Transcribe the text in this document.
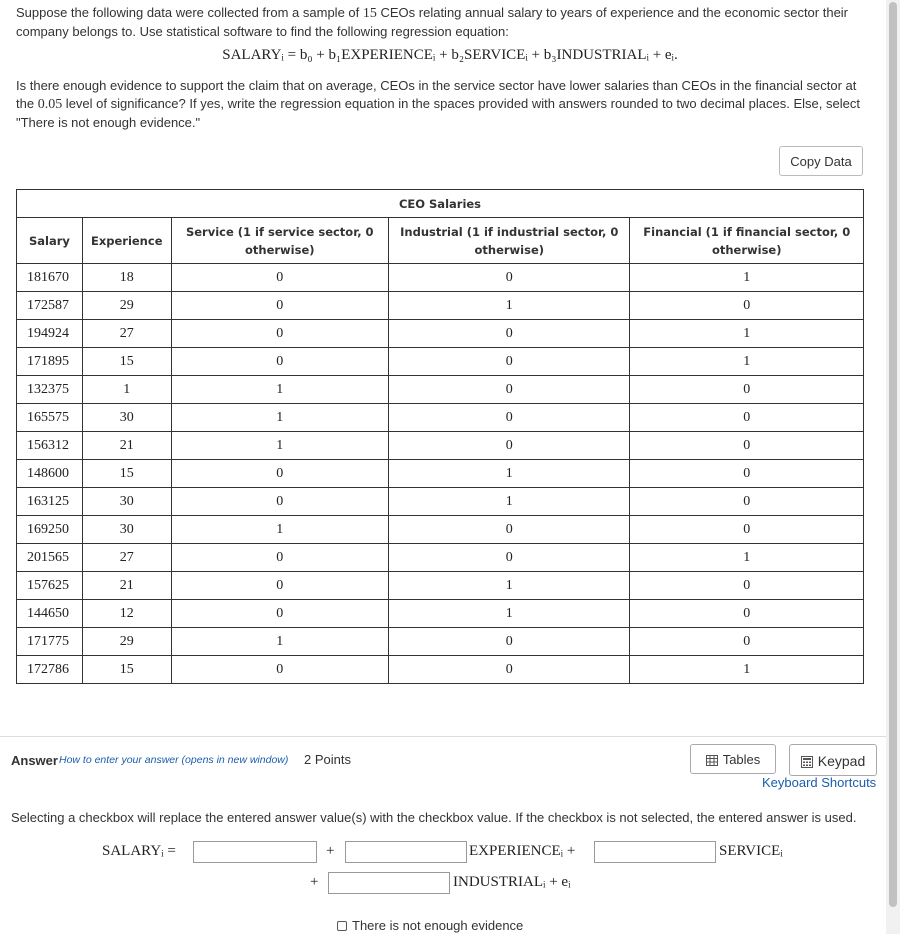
Suppose the following data were collected from a sample of 15 CEOs relating annual salary to years of experience and the economic sector their company belongs to. Use statistical software to find the following regression equation:
SALARYᵢ = b₀ + b₁EXPERIENCEᵢ + b₂SERVICEᵢ + b₃INDUSTRIALᵢ + eᵢ.
Is there enough evidence to support the claim that on average, CEOs in the service sector have lower salaries than CEOs in the financial sector at the 0.05 level of significance? If yes, write the regression equation in the spaces provided with answers rounded to two decimal places. Else, select "There is not enough evidence."
Copy Data
CEO Salaries				
Salary	Experience	Service (1 if service sector, 0 otherwise)	Industrial (1 if industrial sector, 0 otherwise)	Financial (1 if financial sector, 0 otherwise)
181670	18	0	0	1
172587	29	0	1	0
194924	27	0	0	1
171895	15	0	0	1
132375	1	1	0	0
165575	30	1	0	0
156312	21	1	0	0
148600	15	0	1	0
163125	30	0	1	0
169250	30	1	0	0
201565	27	0	0	1
157625	21	0	1	0
144650	12	0	1	0
171775	29	1	0	0
172786	15	0	0	1
Answer How to enter your answer (opens in new window) 2 Points	Tables	Keypad
Keyboard Shortcuts
Selecting a checkbox will replace the entered answer value(s) with the checkbox value. If the checkbox is not selected, the entered answer is used.
SALARYᵢ =	+	EXPERIENCEᵢ +	SERVICEᵢ
+	INDUSTRIALᵢ + eᵢ
There is not enough evidence
